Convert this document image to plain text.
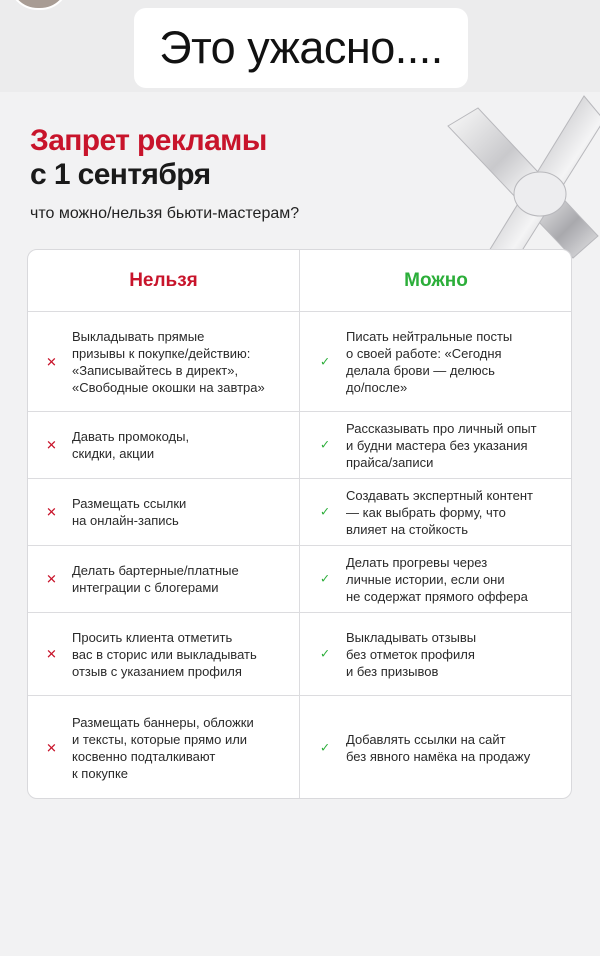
Это ужасно....
Запрет рекламы
с 1 сентября
что можно/нельзя бьюти-мастерам?
Нельзя	Можно
✕
Выкладывать прямые
призывы к покупке/действию:
«Записывайтесь в директ»,
«Свободные окошки на завтра»
✓
Писать нейтральные посты
о своей работе: «Сегодня
делала брови — делюсь
до/после»
✕
Давать промокоды,
скидки, акции
✓
Рассказывать про личный опыт
и будни мастера без указания
прайса/записи
✕
Размещать ссылки
на онлайн-запись
✓
Создавать экспертный контент
— как выбрать форму, что
влияет на стойкость
✕
Делать бартерные/платные
интеграции с блогерами
✓
Делать прогревы через
личные истории, если они
не содержат прямого оффера
✕
Просить клиента отметить
вас в сторис или выкладывать
отзыв с указанием профиля
✓
Выкладывать отзывы
без отметок профиля
и без призывов
✕
Размещать баннеры, обложки
и тексты, которые прямо или
косвенно подталкивают
к покупке
✓
Добавлять ссылки на сайт
без явного намёка на продажу
